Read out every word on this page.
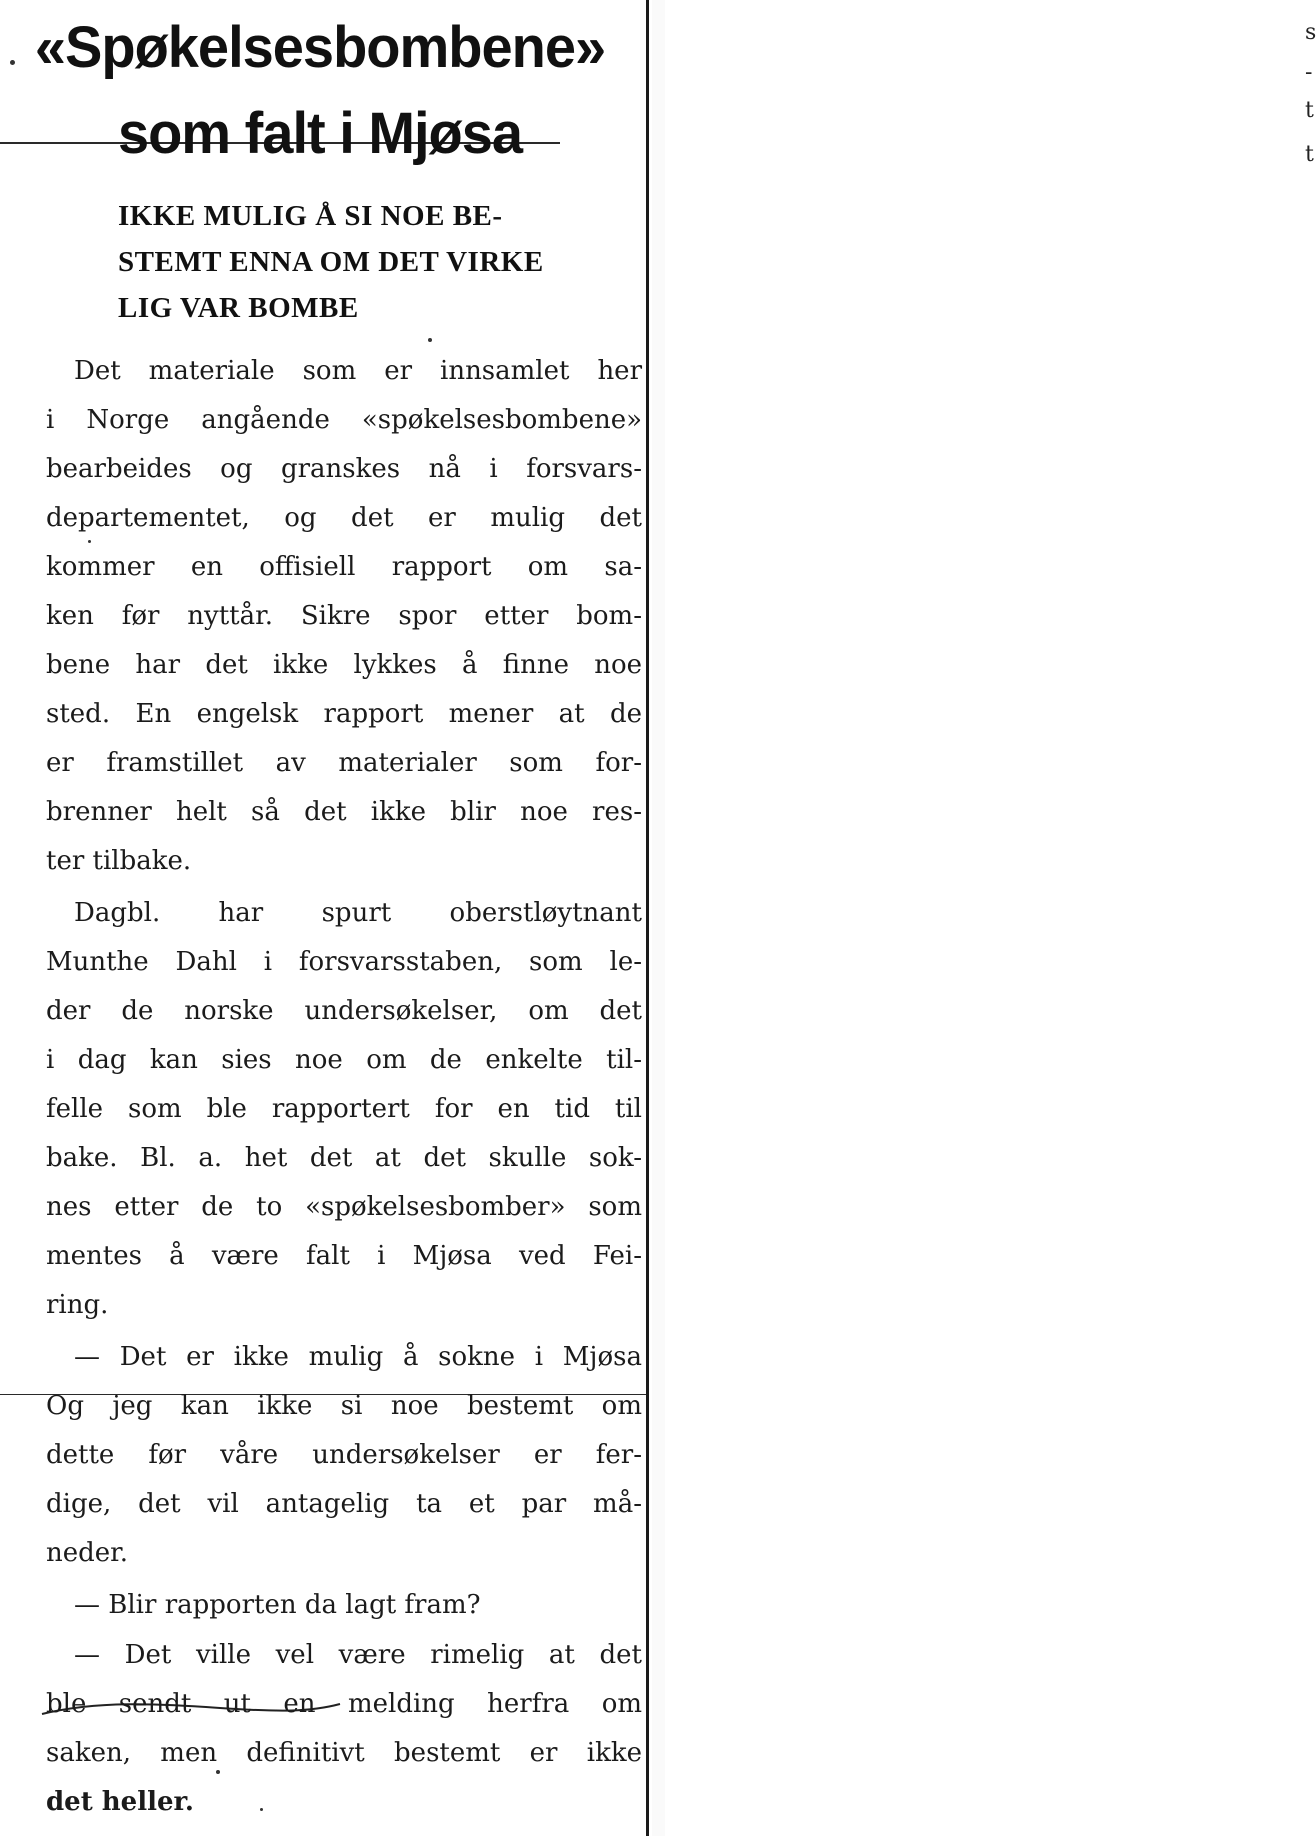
s
-
t
t
«Spøkelsesbombene»
som falt i Mjøsa
IKKE MULIG Å SI NOE BE-
STEMT ENNA OM DET VIRKE
LIG VAR BOMBE
Det materiale som er innsamlet her
i Norge angående «spøkelsesbombene»
bearbeides og granskes nå i forsvars-
departementet, og det er mulig det
kommer en offisiell rapport om sa-
ken før nyttår. Sikre spor etter bom-
bene har det ikke lykkes å finne noe
sted. En engelsk rapport mener at de
er framstillet av materialer som for-
brenner helt så det ikke blir noe res-
ter tilbake.
Dagbl. har spurt oberstløytnant
Munthe Dahl i forsvarsstaben, som le-
der de norske undersøkelser, om det
i dag kan sies noe om de enkelte til-
felle som ble rapportert for en tid til
bake. Bl. a. het det at det skulle sok-
nes etter de to «spøkelsesbomber» som
mentes å være falt i Mjøsa ved Fei-
ring.
— Det er ikke mulig å sokne i Mjøsa
Og jeg kan ikke si noe bestemt om
dette før våre undersøkelser er fer-
dige, det vil antagelig ta et par må-
neder.
— Blir rapporten da lagt fram?
— Det ville vel være rimelig at det
ble sendt ut en melding herfra om
saken, men definitivt bestemt er ikke
det heller.
